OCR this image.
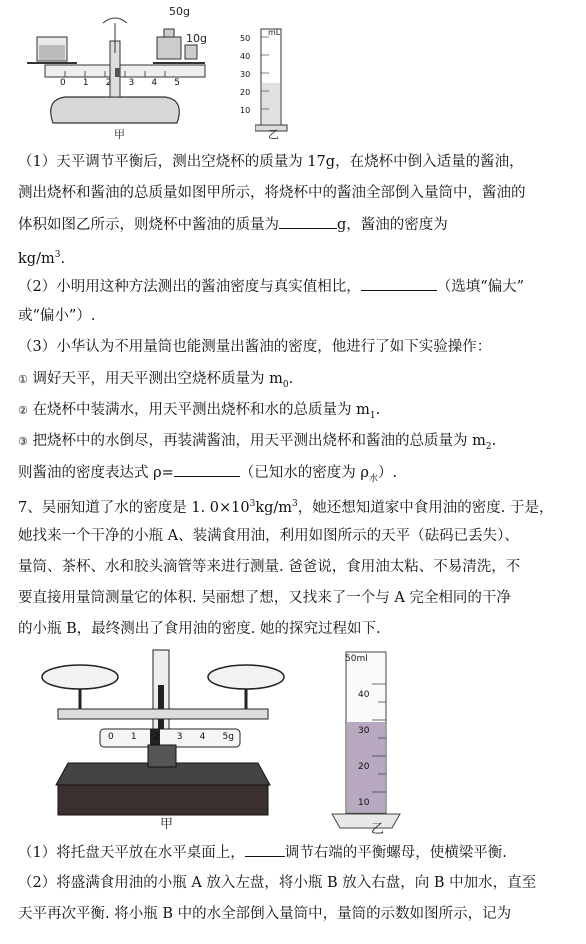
50g
10g
0 1 2 3 4 5
甲
mL
50
40
30
20
10
乙
（1）天平调节平衡后，测出空烧杯的质量为 17g，在烧杯中倒入适量的酱油，
测出烧杯和酱油的总质量如图甲所示，将烧杯中的酱油全部倒入量筒中，酱油的
体积如图乙所示，则烧杯中酱油的质量为	g，酱油的密度为
$kg/m^3$.
（2）小明用这种方法测出的酱油密度与真实值相比，	（选填“偏大”
或“偏小”）.
（3）小华认为不用量筒也能测量出酱油的密度，他进行了如下实验操作：
① 调好天平，用天平测出空烧杯质量为 $m_0$.
② 在烧杯中装满水，用天平测出烧杯和水的总质量为 $m_1$.
③ 把烧杯中的水倒尽，再装满酱油，用天平测出烧杯和酱油的总质量为 $m_2$.
则酱油的密度表达式 ρ=	（已知水的密度为 $\rho_水$）.
7、吴丽知道了水的密度是 1. $0\times 10^3kg/m^3$，她还想知道家中食用油的密度. 于是，
她找来一个干净的小瓶 A、装满食用油，利用如图所示的天平（砝码已丢失）、
量筒、茶杯、水和胶头滴管等来进行测量. 爸爸说，食用油太粘、不易清洗，不
要直接用量筒测量它的体积. 吴丽想了想，又找来了一个与 A 完全相同的干净
的小瓶 B，最终测出了食用油的密度. 她的探究过程如下.
0 1 2 3 4 5g
甲
50ml
40
30
20
10
乙
（1）将托盘天平放在水平桌面上，	调节右端的平衡螺母，使横梁平衡.
（2）将盛满食用油的小瓶 A 放入左盘，将小瓶 B 放入右盘，向 B 中加水，直至
天平再次平衡. 将小瓶 B 中的水全部倒入量筒中，量筒的示数如图所示，记为
